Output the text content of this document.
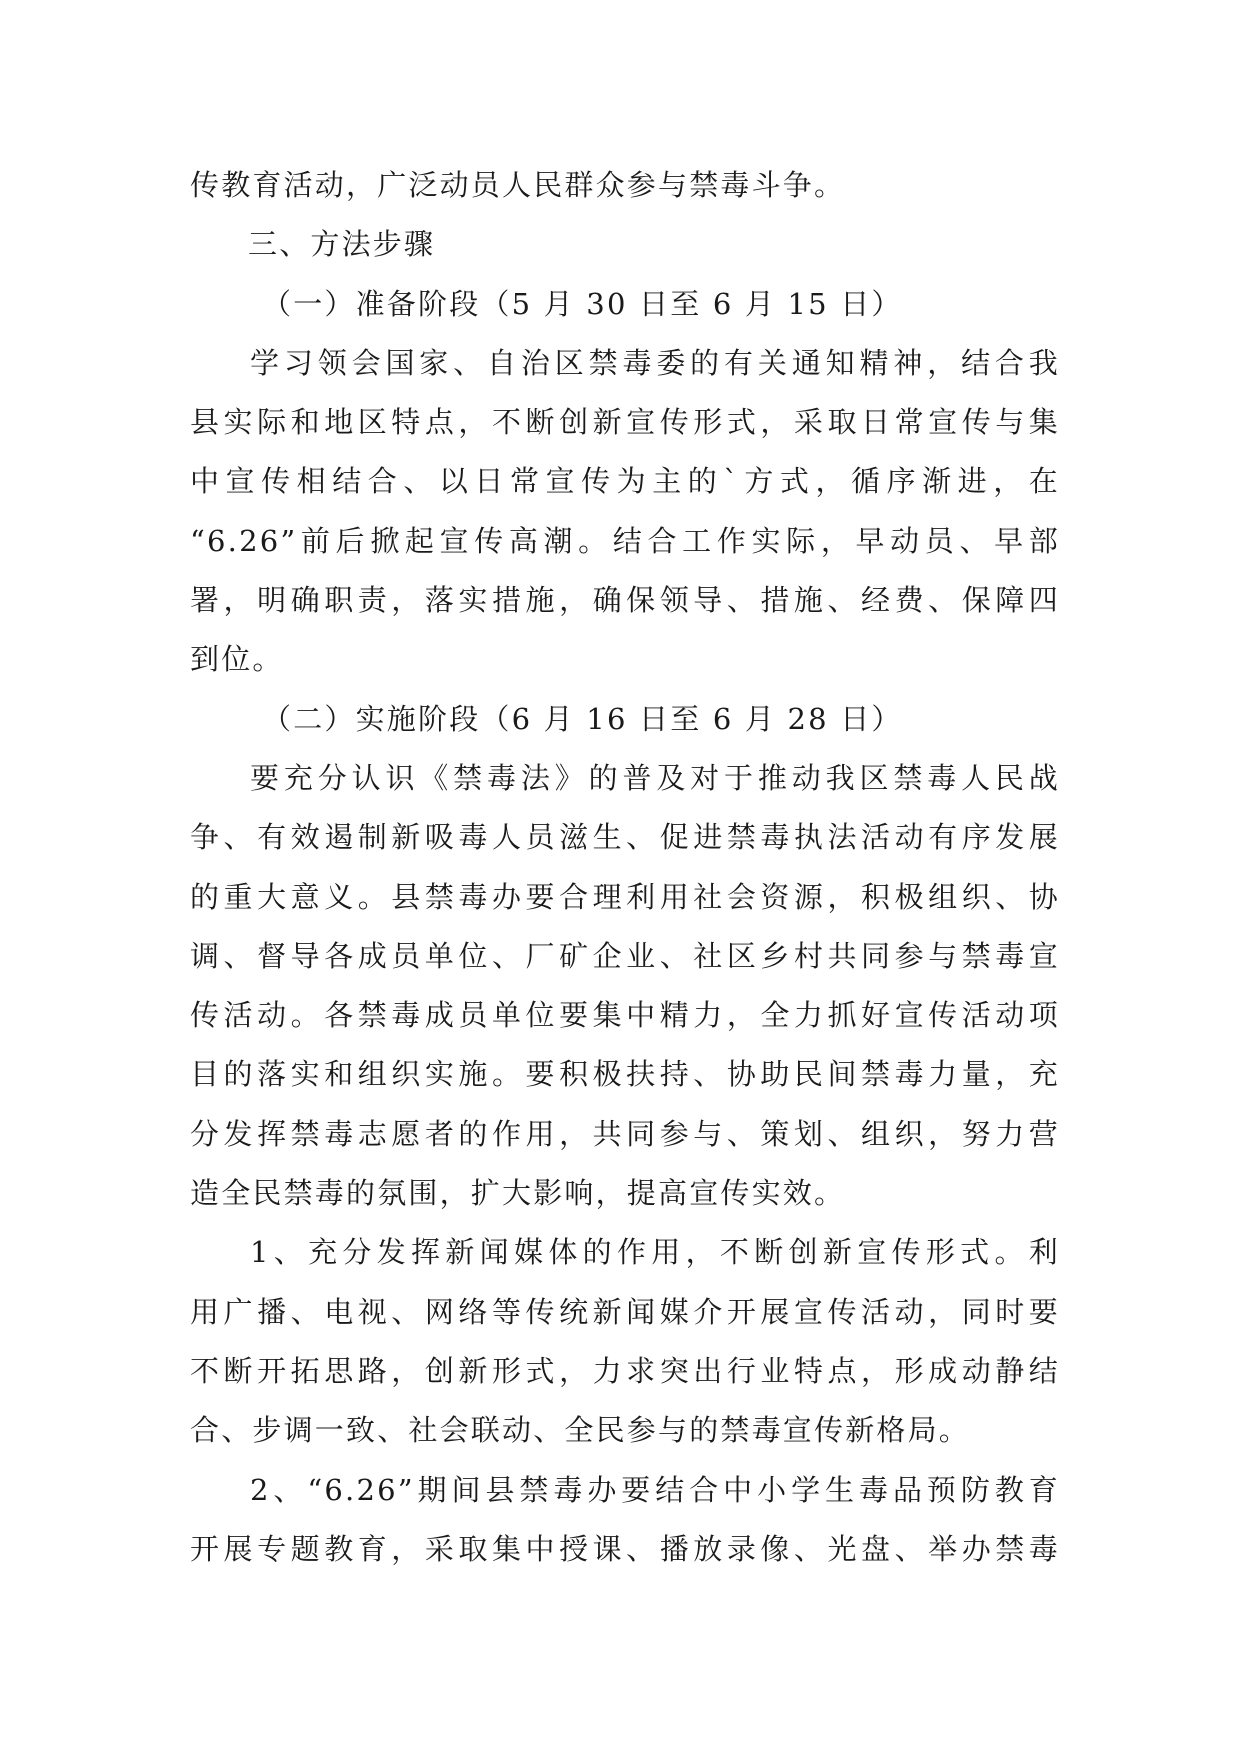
传教育活动，广泛动员人民群众参与禁毒斗争。
三、方法步骤
（一）准备阶段（5 月 30 日至 6 月 15 日）
学习领会国家、自治区禁毒委的有关通知精神，结合我
县实际和地区特点，不断创新宣传形式，采取日常宣传与集
中宣传相结合、以日常宣传为主的`方式，循序渐进，在
“6.26”前后掀起宣传高潮。结合工作实际，早动员、早部
署，明确职责，落实措施，确保领导、措施、经费、保障四
到位。
（二）实施阶段（6 月 16 日至 6 月 28 日）
要充分认识《禁毒法》的普及对于推动我区禁毒人民战
争、有效遏制新吸毒人员滋生、促进禁毒执法活动有序发展
的重大意义。县禁毒办要合理利用社会资源，积极组织、协
调、督导各成员单位、厂矿企业、社区乡村共同参与禁毒宣
传活动。各禁毒成员单位要集中精力，全力抓好宣传活动项
目的落实和组织实施。要积极扶持、协助民间禁毒力量，充
分发挥禁毒志愿者的作用，共同参与、策划、组织，努力营
造全民禁毒的氛围，扩大影响，提高宣传实效。
1、充分发挥新闻媒体的作用，不断创新宣传形式。利
用广播、电视、网络等传统新闻媒介开展宣传活动，同时要
不断开拓思路，创新形式，力求突出行业特点，形成动静结
合、步调一致、社会联动、全民参与的禁毒宣传新格局。
2、“6.26”期间县禁毒办要结合中小学生毒品预防教育
开展专题教育，采取集中授课、播放录像、光盘、举办禁毒
